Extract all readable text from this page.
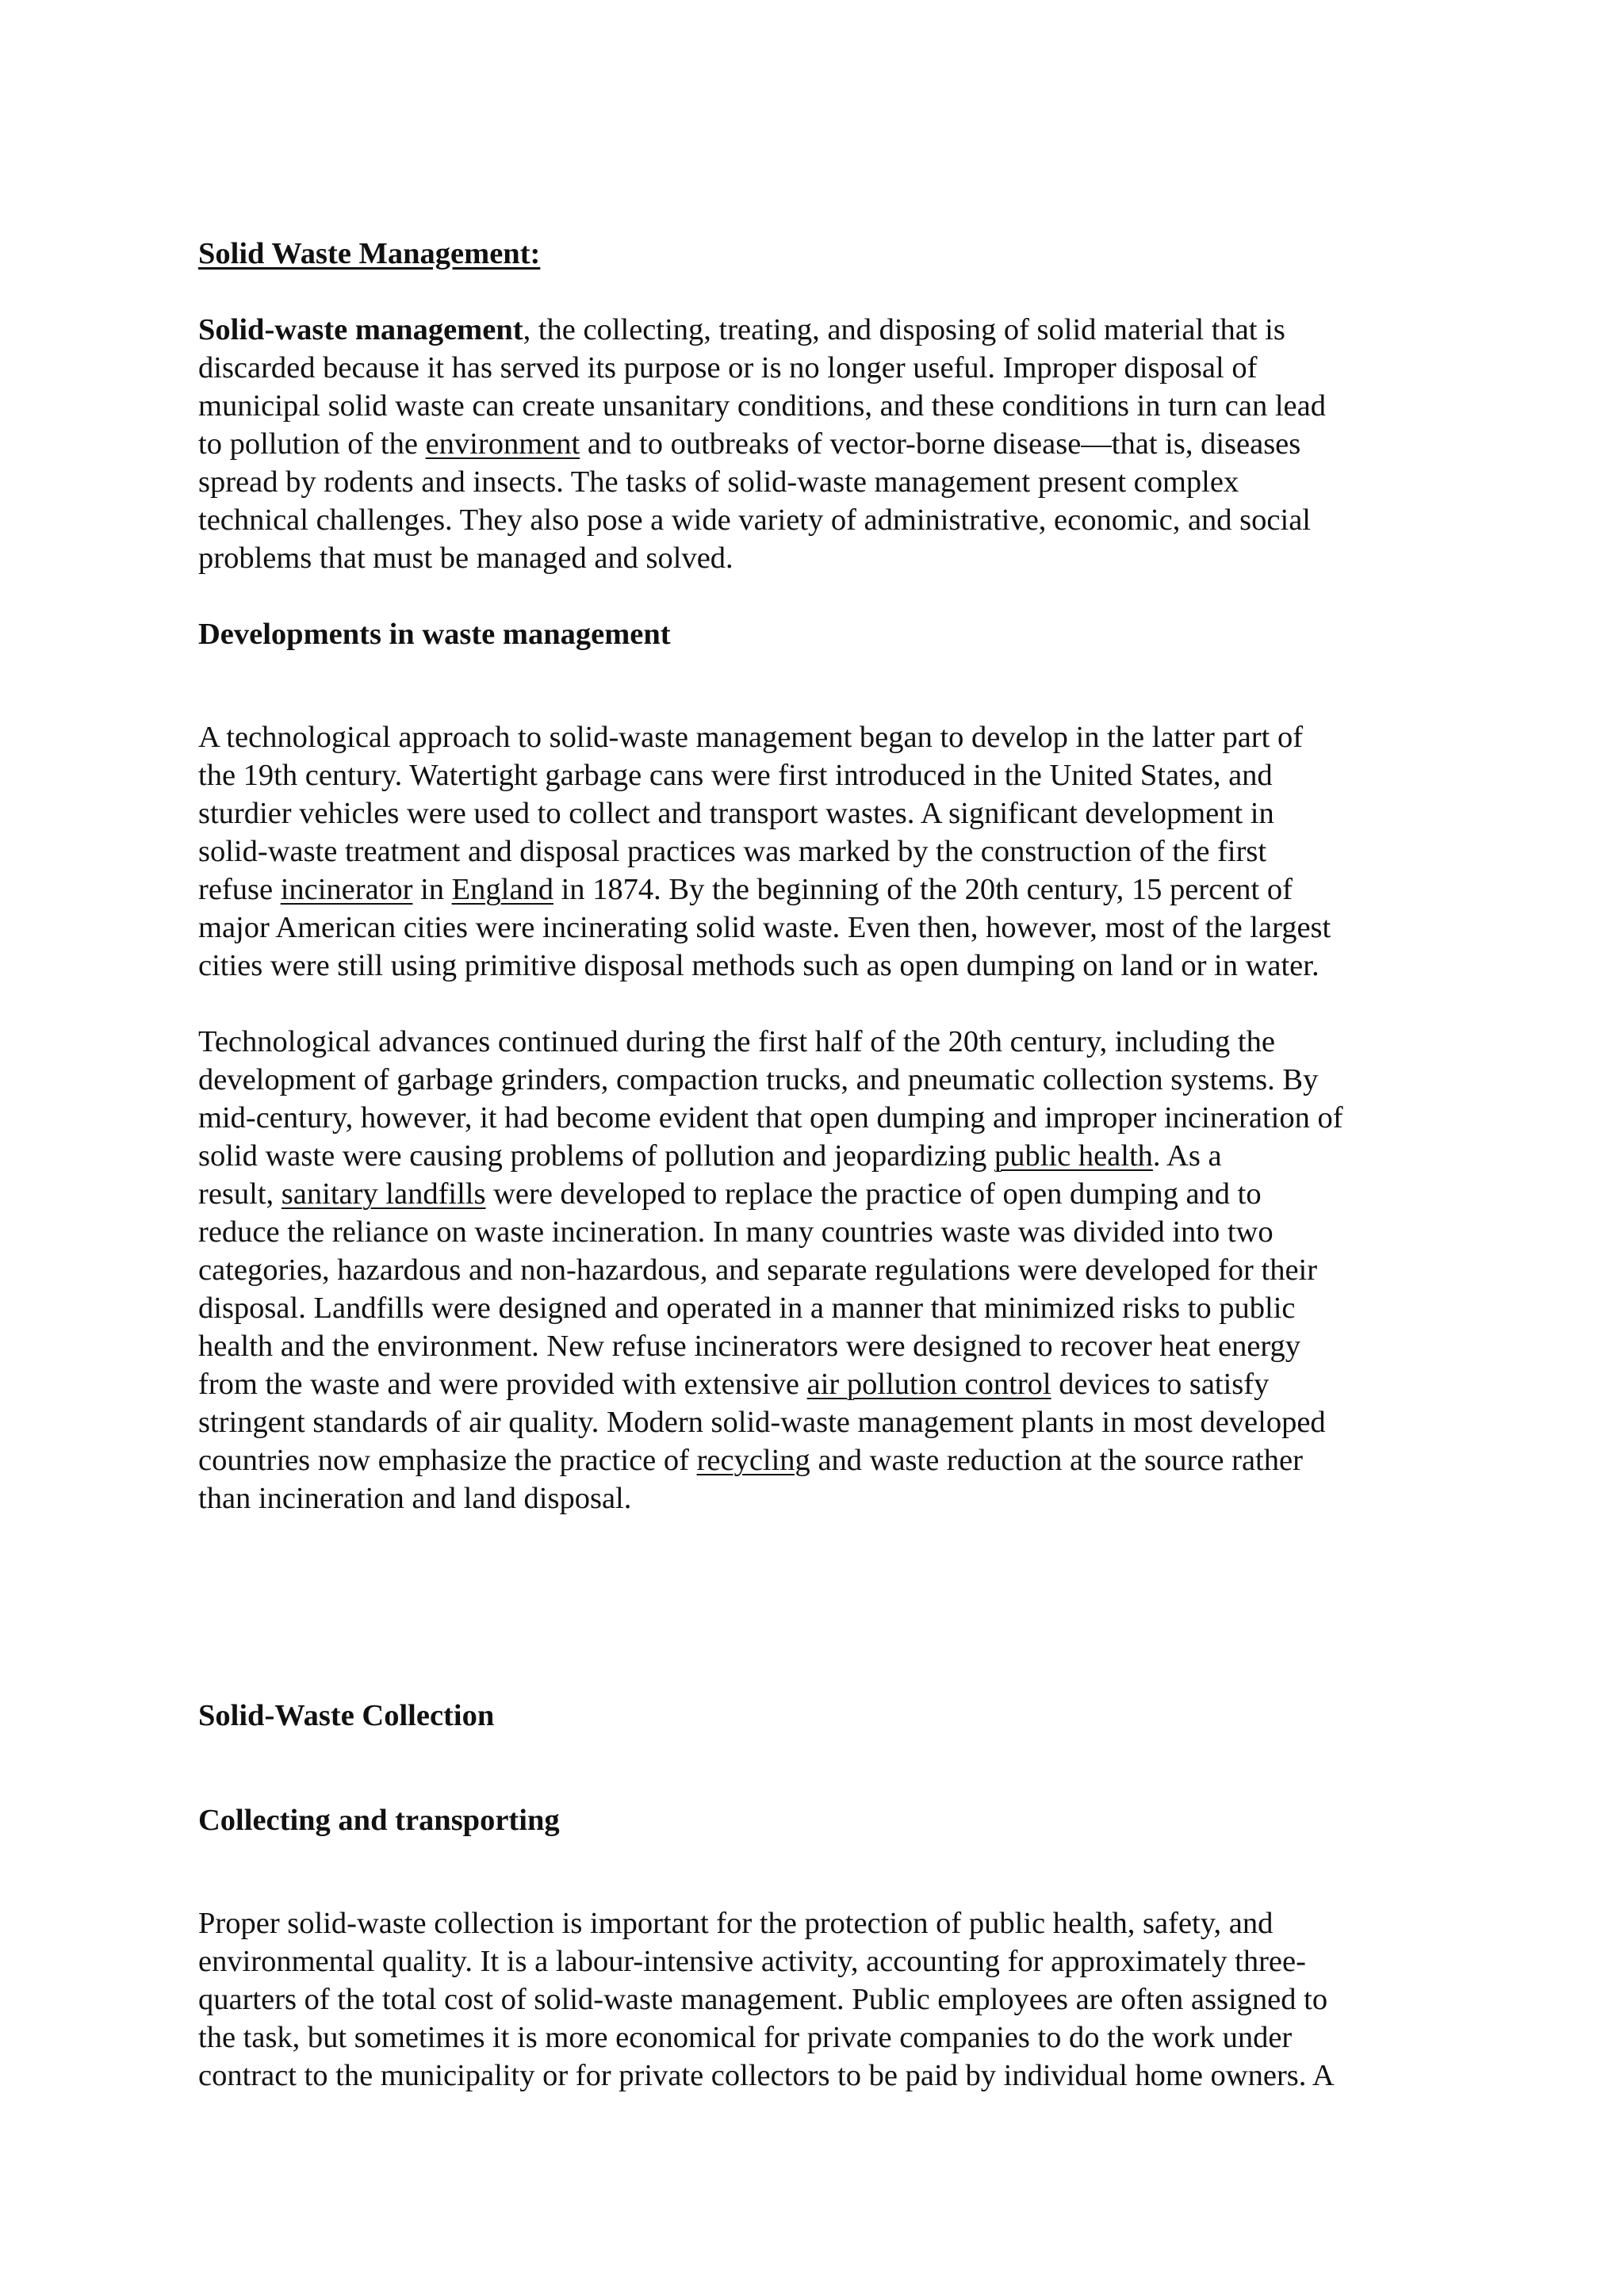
Solid Waste Management:
Solid-waste management, the collecting, treating, and disposing of solid material that is
discarded because it has served its purpose or is no longer useful. Improper disposal of
municipal solid waste can create unsanitary conditions, and these conditions in turn can lead
to pollution of the environment and to outbreaks of vector-borne disease—that is, diseases
spread by rodents and insects. The tasks of solid-waste management present complex
technical challenges. They also pose a wide variety of administrative, economic, and social
problems that must be managed and solved.
Developments in waste management
A technological approach to solid-waste management began to develop in the latter part of
the 19th century. Watertight garbage cans were first introduced in the United States, and
sturdier vehicles were used to collect and transport wastes. A significant development in
solid-waste treatment and disposal practices was marked by the construction of the first
refuse incinerator in England in 1874. By the beginning of the 20th century, 15 percent of
major American cities were incinerating solid waste. Even then, however, most of the largest
cities were still using primitive disposal methods such as open dumping on land or in water.
Technological advances continued during the first half of the 20th century, including the
development of garbage grinders, compaction trucks, and pneumatic collection systems. By
mid-century, however, it had become evident that open dumping and improper incineration of
solid waste were causing problems of pollution and jeopardizing public health. As a
result, sanitary landfills were developed to replace the practice of open dumping and to
reduce the reliance on waste incineration. In many countries waste was divided into two
categories, hazardous and non-hazardous, and separate regulations were developed for their
disposal. Landfills were designed and operated in a manner that minimized risks to public
health and the environment. New refuse incinerators were designed to recover heat energy
from the waste and were provided with extensive air pollution control devices to satisfy
stringent standards of air quality. Modern solid-waste management plants in most developed
countries now emphasize the practice of recycling and waste reduction at the source rather
than incineration and land disposal.
Solid-Waste Collection
Collecting and transporting
Proper solid-waste collection is important for the protection of public health, safety, and
environmental quality. It is a labour-intensive activity, accounting for approximately three-
quarters of the total cost of solid-waste management. Public employees are often assigned to
the task, but sometimes it is more economical for private companies to do the work under
contract to the municipality or for private collectors to be paid by individual home owners. A
